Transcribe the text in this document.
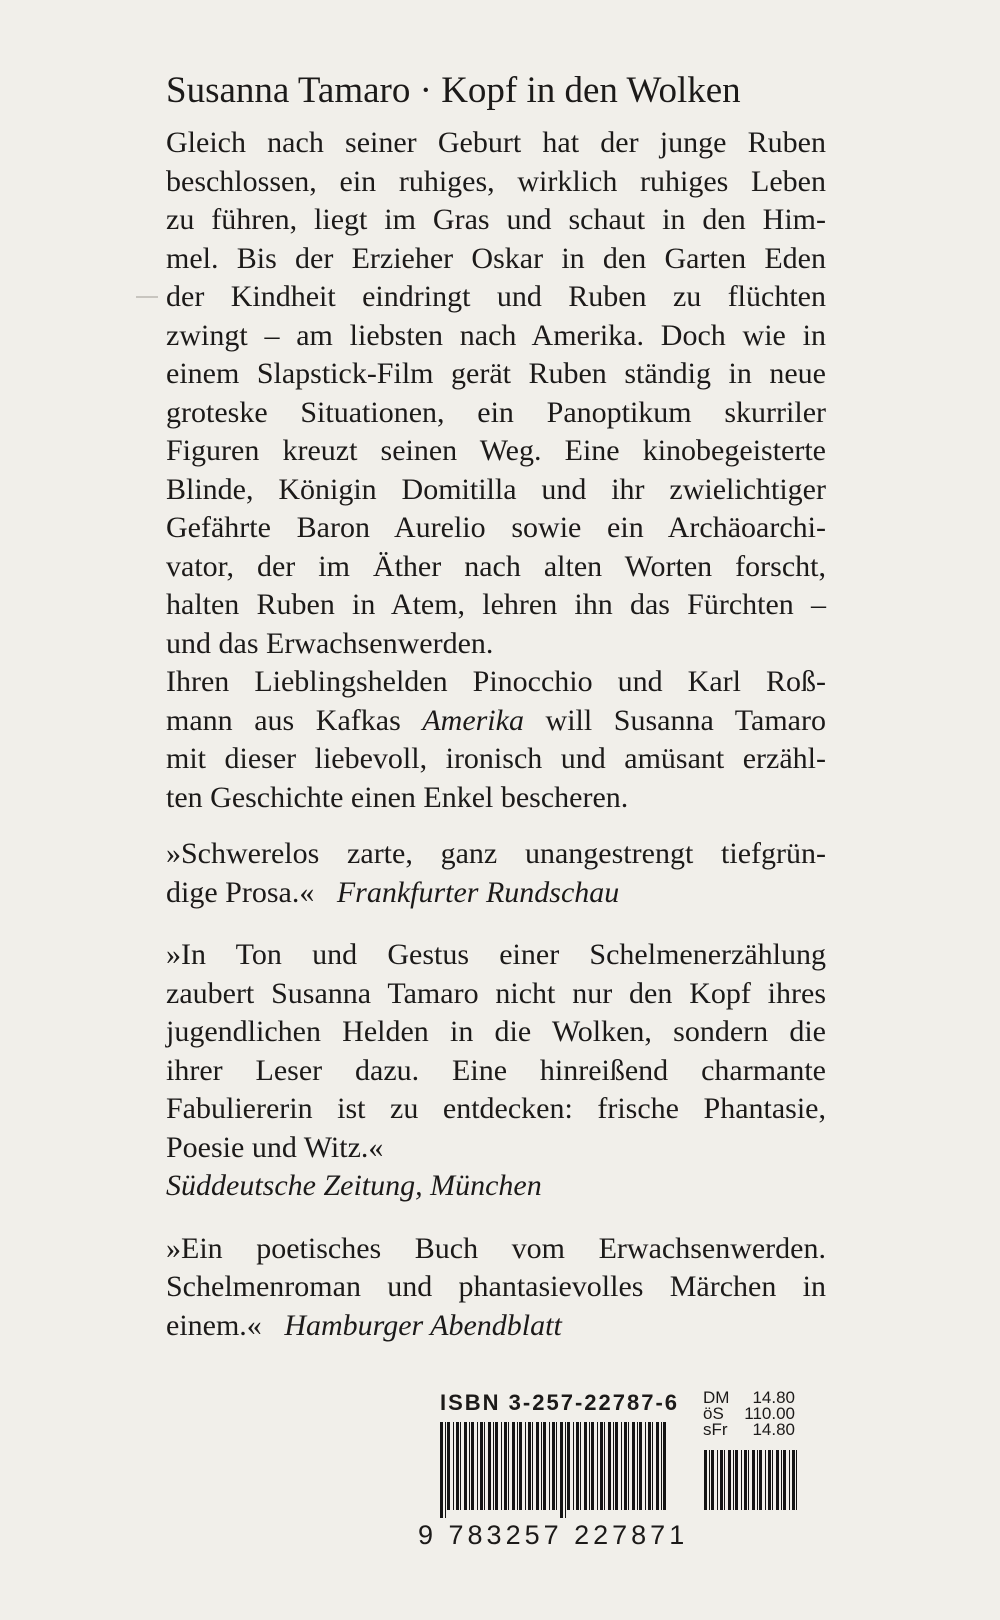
Susanna Tamaro · Kopf in den Wolken
Gleich nach seiner Geburt hat der junge Ruben
beschlossen, ein ruhiges, wirklich ruhiges Leben
zu führen, liegt im Gras und schaut in den Him-
mel. Bis der Erzieher Oskar in den Garten Eden
der Kindheit eindringt und Ruben zu flüchten
zwingt – am liebsten nach Amerika. Doch wie in
einem Slapstick-Film gerät Ruben ständig in neue
groteske Situationen, ein Panoptikum skurriler
Figuren kreuzt seinen Weg. Eine kinobegeisterte
Blinde, Königin Domitilla und ihr zwielichtiger
Gefährte Baron Aurelio sowie ein Archäoarchi-
vator, der im Äther nach alten Worten forscht,
halten Ruben in Atem, lehren ihn das Fürchten –
und das Erwachsenwerden.
Ihren Lieblingshelden Pinocchio und Karl Roß-
mann aus Kafkas Amerika will Susanna Tamaro
mit dieser liebevoll, ironisch und amüsant erzähl-
ten Geschichte einen Enkel bescheren.
»Schwerelos zarte, ganz unangestrengt tiefgrün-
dige Prosa.« Frankfurter Rundschau
»In Ton und Gestus einer Schelmenerzählung
zaubert Susanna Tamaro nicht nur den Kopf ihres
jugendlichen Helden in die Wolken, sondern die
ihrer Leser dazu. Eine hinreißend charmante
Fabuliererin ist zu entdecken: frische Phantasie,
Poesie und Witz.«
Süddeutsche Zeitung, München
»Ein poetisches Buch vom Erwachsenwerden.
Schelmenroman und phantasievolles Märchen in
einem.« Hamburger Abendblatt
ISBN 3-257-22787-6 DM 14.80
öS 110.00
sFr 14.80
9 783257 227871
